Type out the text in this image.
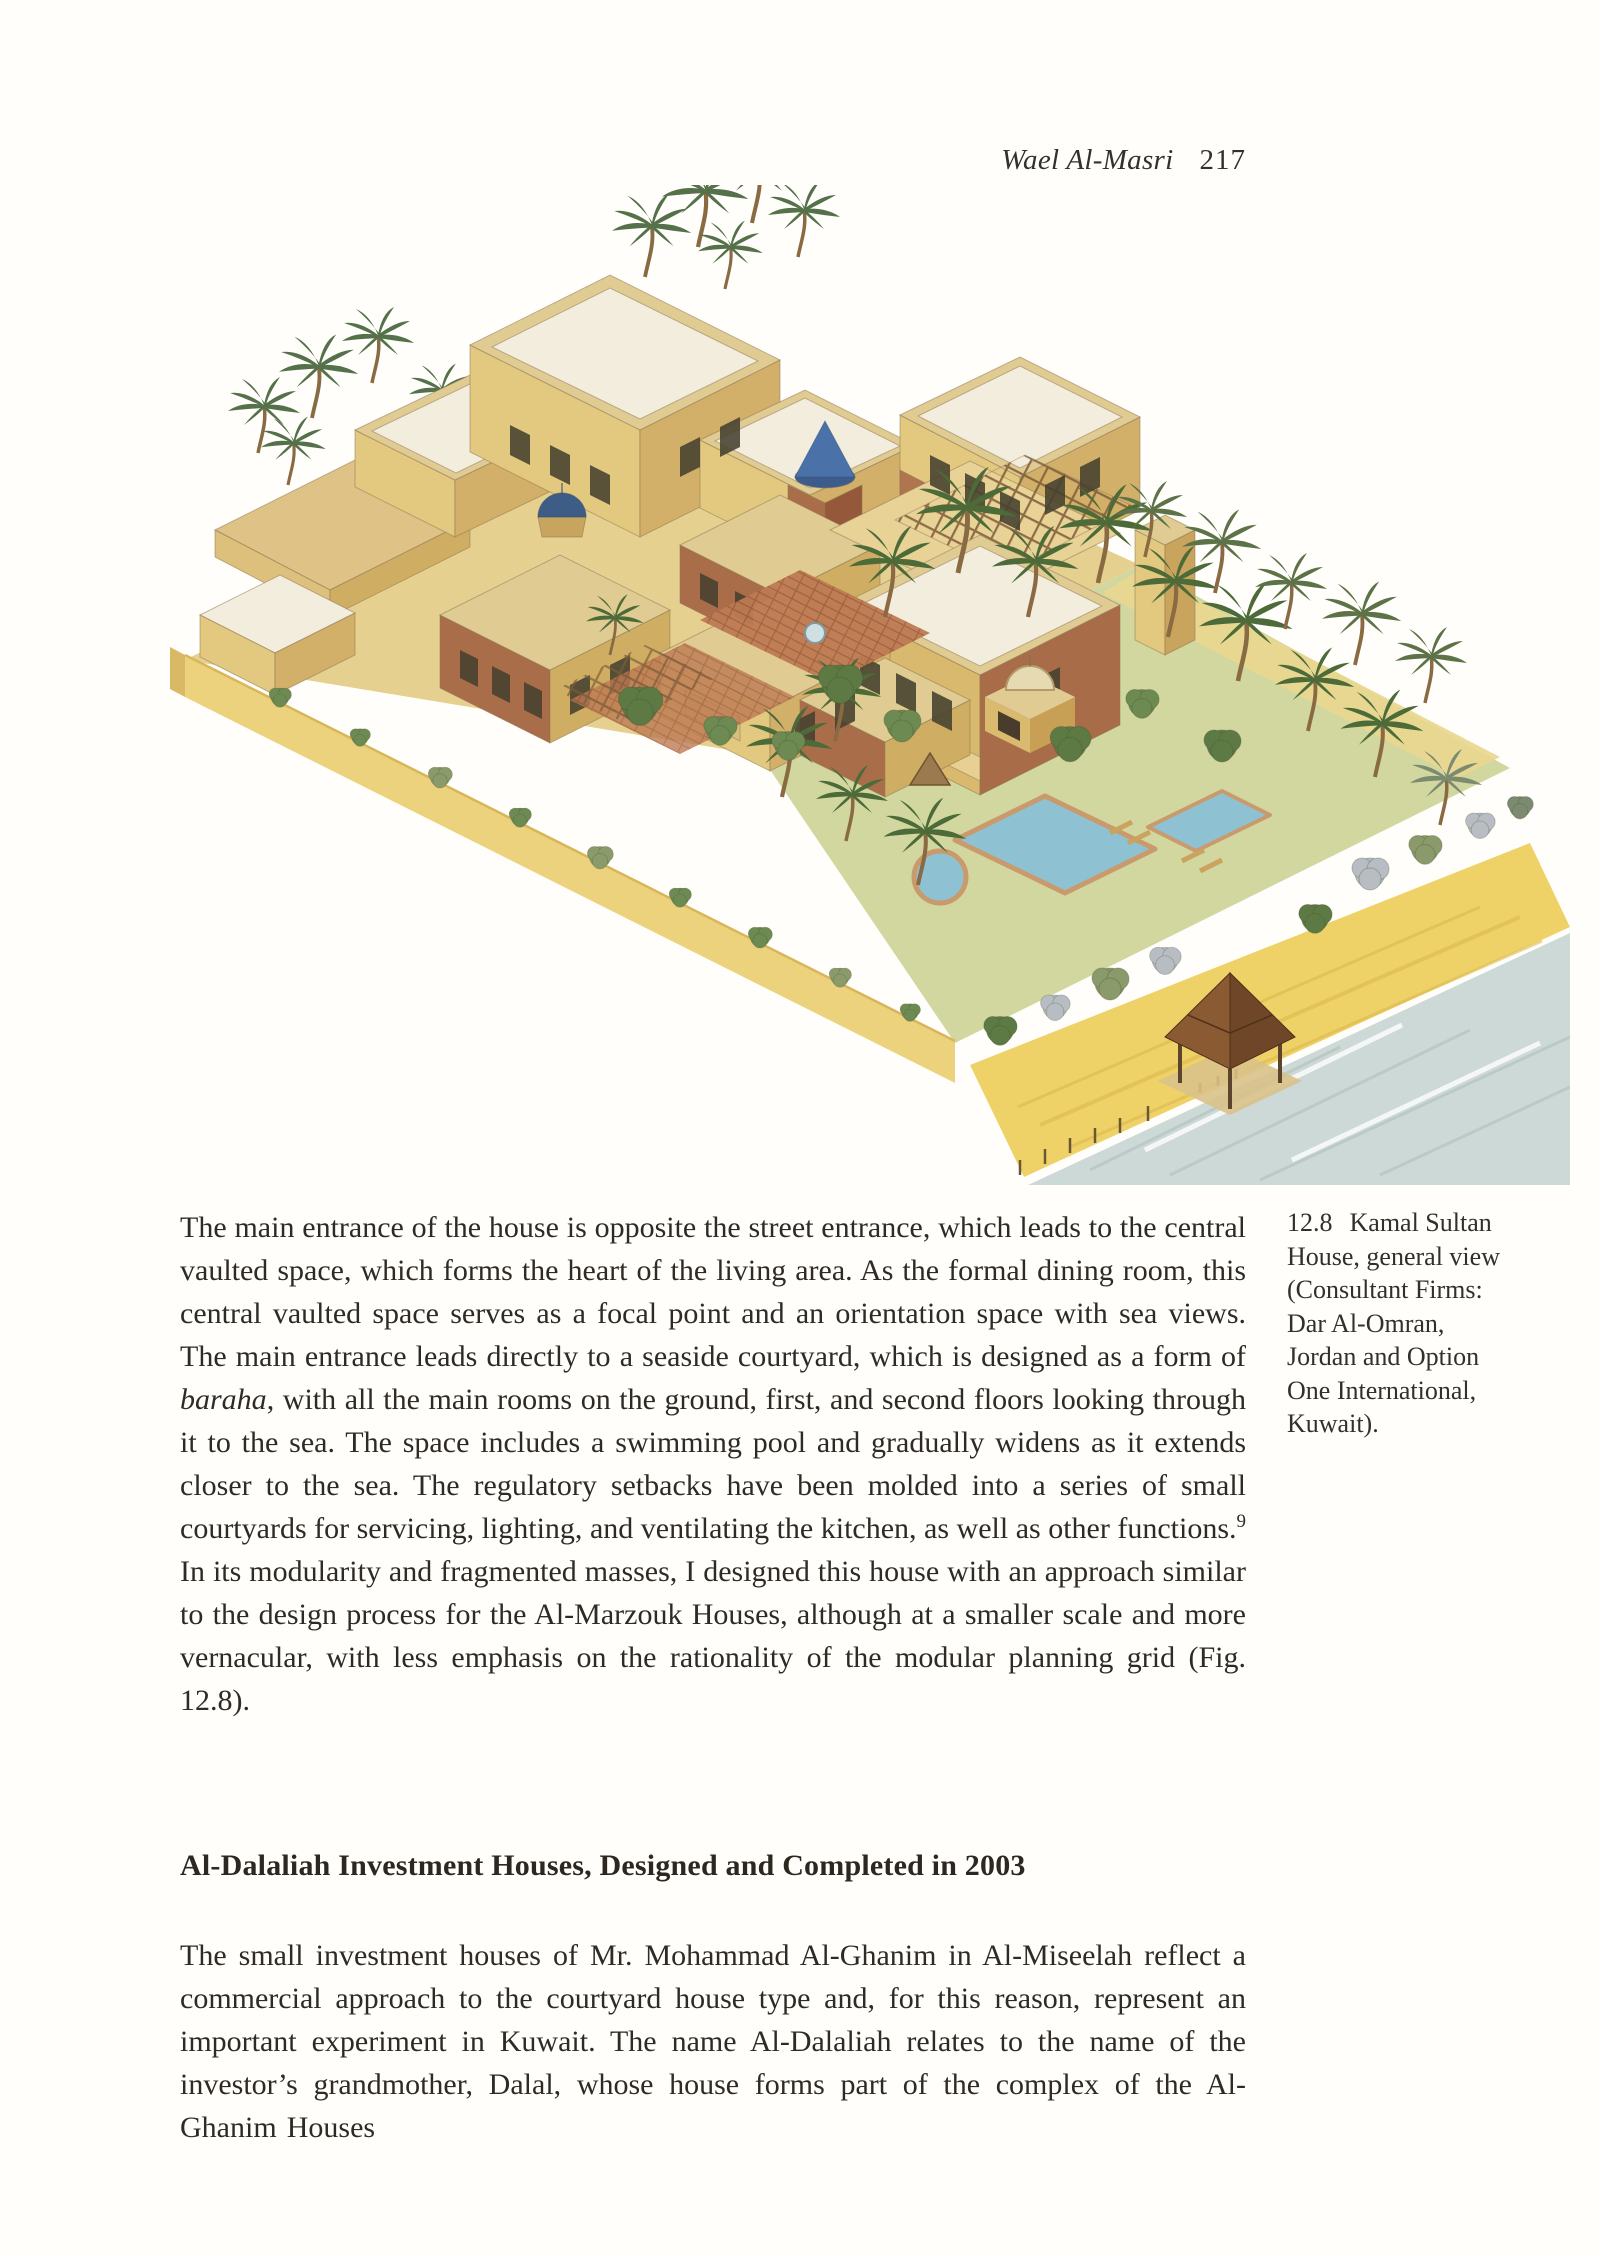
Wael Al-Masri 217

The main entrance of the house is opposite the street entrance, which leads to the central vaulted space, which forms the heart of the living area. As the formal dining room, this central vaulted space serves as a focal point and an orientation space with sea views. The main entrance leads directly to a seaside courtyard, which is designed as a form of baraha, with all the main rooms on the ground, first, and second floors looking through it to the sea. The space includes a swimming pool and gradually widens as it extends closer to the sea. The regulatory setbacks have been molded into a series of small courtyards for servicing, lighting, and ventilating the kitchen, as well as other functions.$^9$ In its modularity and fragmented masses, I designed this house with an approach similar to the design process for the Al-Marzouk Houses, although at a smaller scale and more vernacular, with less emphasis on the rationality of the modular planning grid (Fig. 12.8).

12.8 Kamal Sultan House, general view (Consultant Firms: Dar Al-Omran, Jordan and Option One International, Kuwait).
Al-Dalaliah Investment Houses, Designed and Completed in 2003

The small investment houses of Mr. Mohammad Al-Ghanim in Al-Miseelah reflect a commercial approach to the courtyard house type and, for this reason, represent an important experiment in Kuwait. The name Al-Dalaliah relates to the name of the investor’s grandmother, Dalal, whose house forms part of the complex of the Al-Ghanim Houses
